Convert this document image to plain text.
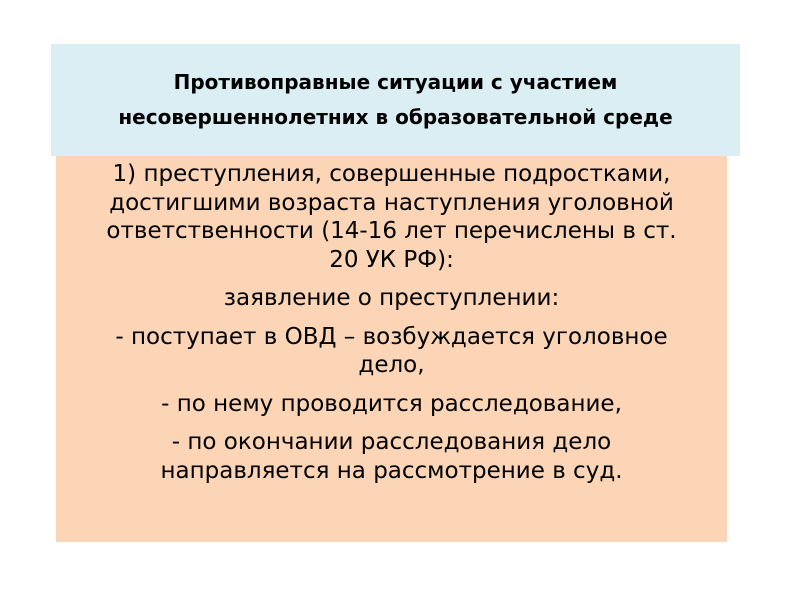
Противоправные ситуации с участием
несовершеннолетних в образовательной среде

1) преступления, совершенные подростками,
достигшими возраста наступления уголовной
ответственности (14-16 лет перечислены в ст.
20 УК РФ):

заявление о преступлении:

- поступает в ОВД – возбуждается уголовное
дело,

- по нему проводится расследование,

- по окончании расследования дело
направляется на рассмотрение в суд.
